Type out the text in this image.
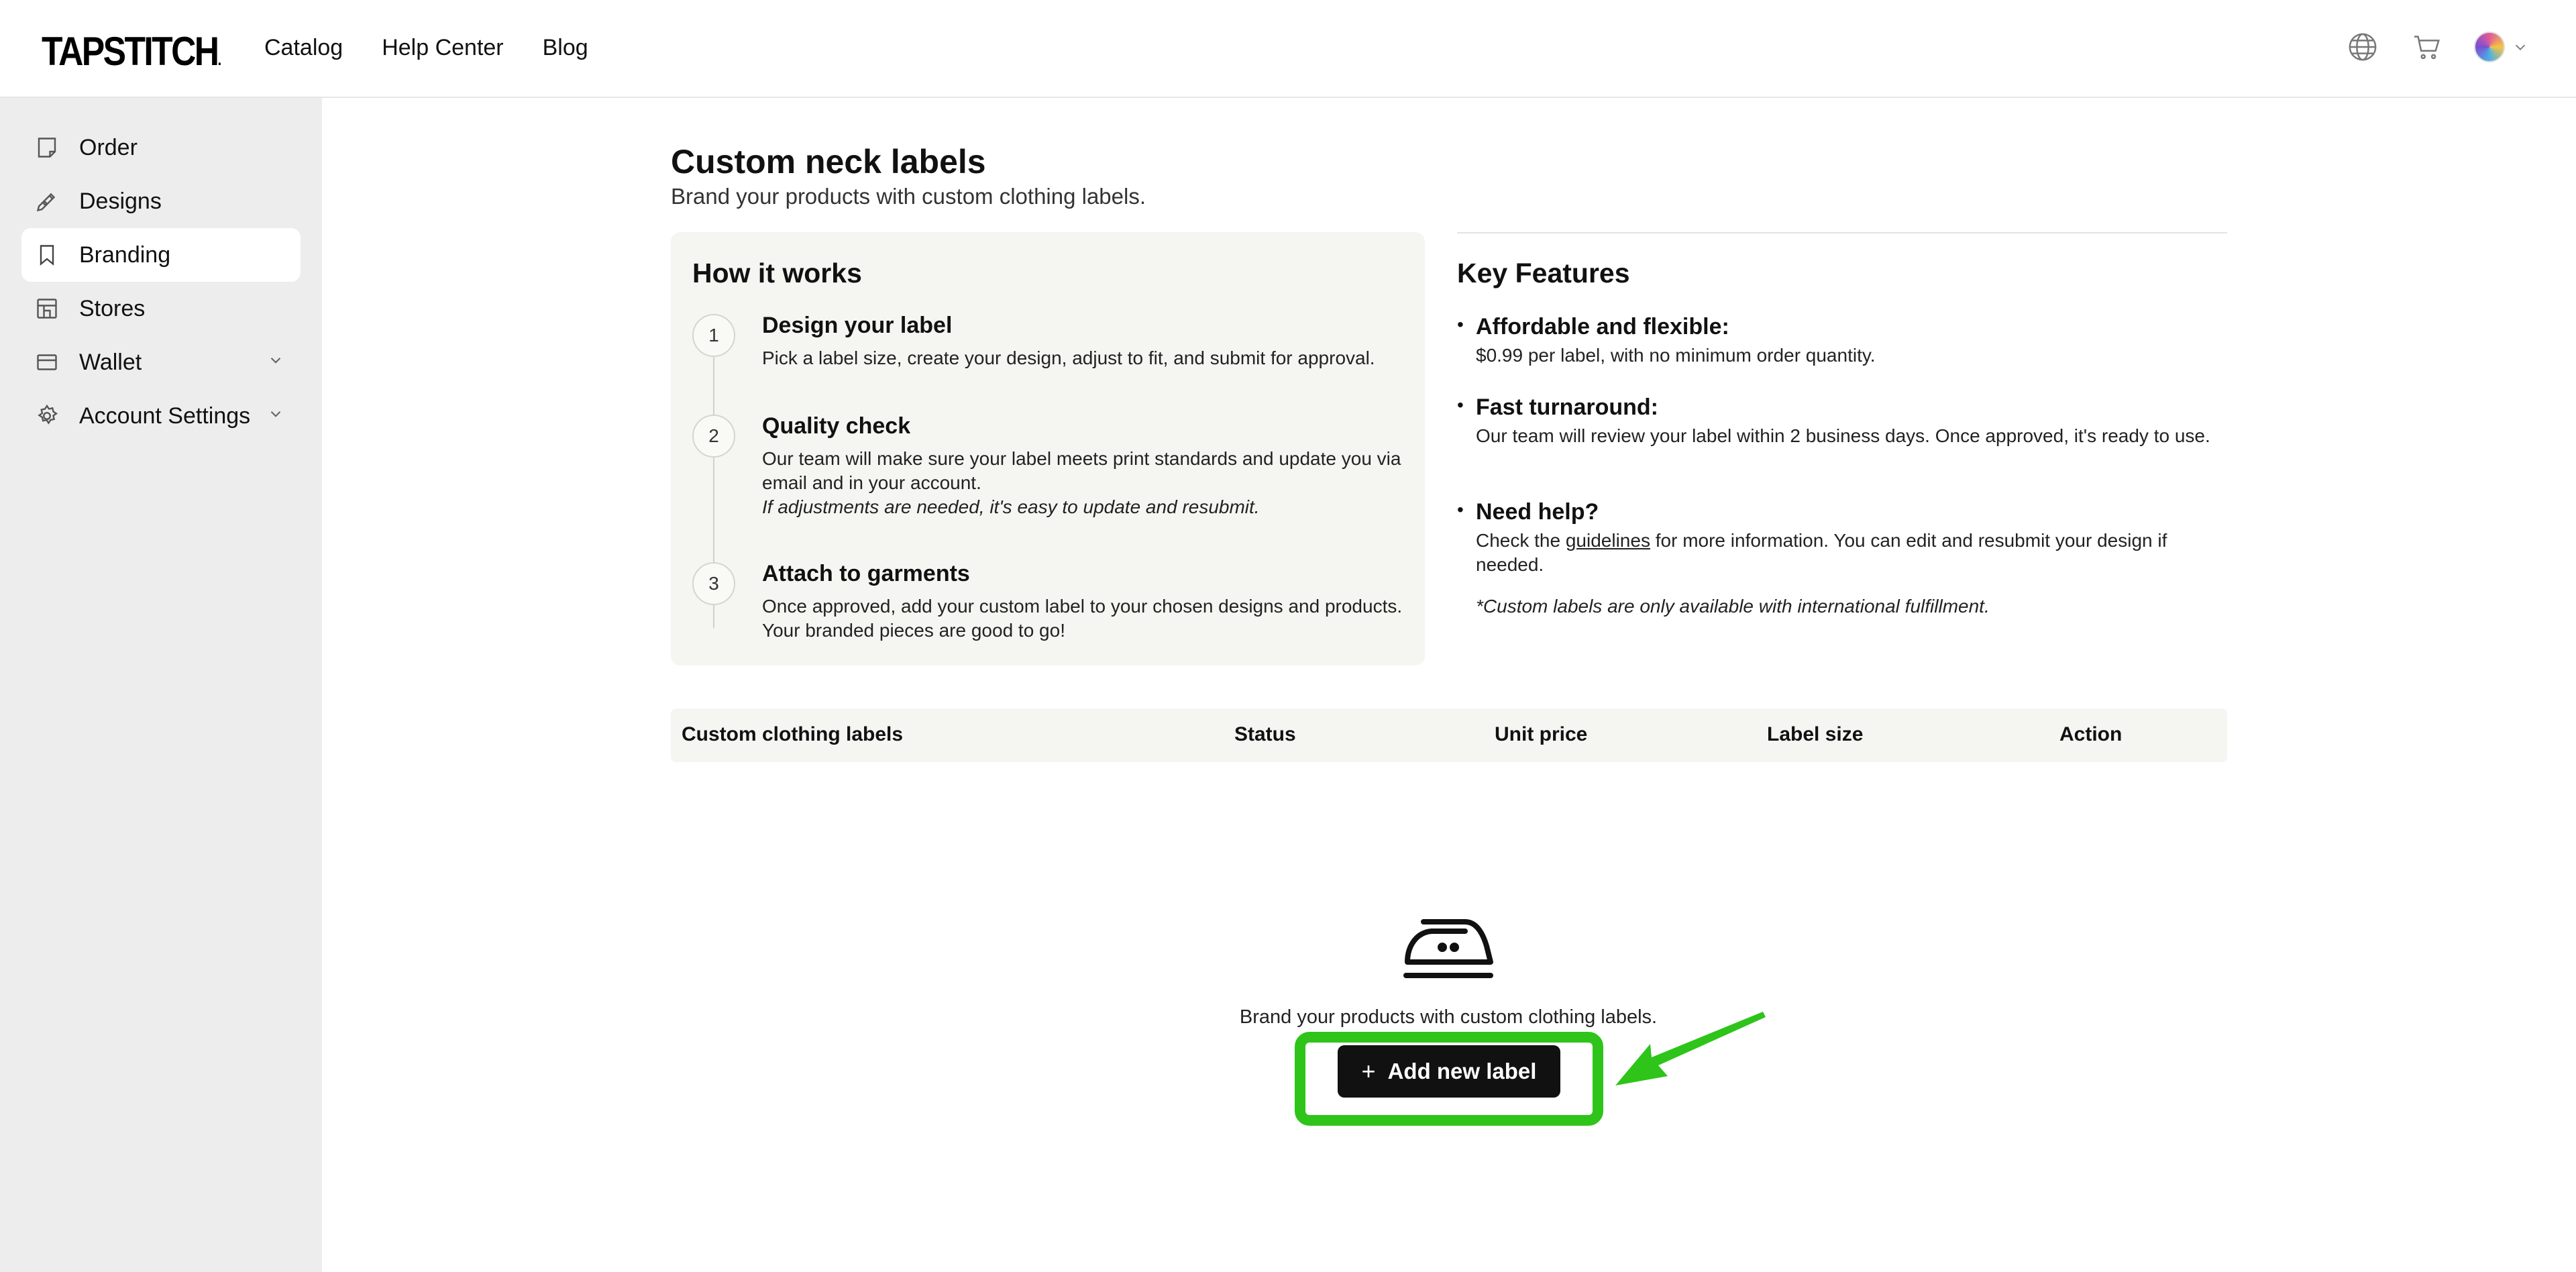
TAPSTITCH. Catalog Help Center Blog
Order
Designs
Branding
Stores
Wallet
Account Settings
Custom neck labels
Brand your products with custom clothing labels.
How it works
1	Design your label
Pick a label size, create your design, adjust to fit, and submit for approval.
2	Quality check
Our team will make sure your label meets print standards and update you via email and in your account.
If adjustments are needed, it's easy to update and resubmit.
3	Attach to garments
Once approved, add your custom label to your chosen designs and products. Your branded pieces are good to go!
Key Features
• Affordable and flexible:
$0.99 per label, with no minimum order quantity.
• Fast turnaround:
Our team will review your label within 2 business days. Once approved, it's ready to use.
• Need help?
Check the guidelines for more information. You can edit and resubmit your design if needed.
*Custom labels are only available with international fulfillment.
Custom clothing labels	Status	Unit price	Label size	Action
Brand your products with custom clothing labels.
+ Add new label
